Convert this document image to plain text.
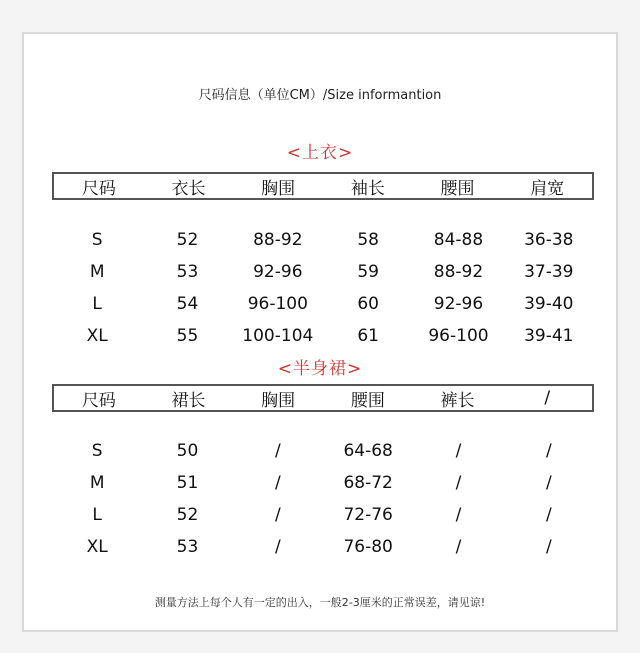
尺码信息（单位CM）/Size informantion
<上衣>
尺码	衣长	胸围	袖长	腰围	肩宽
S	52	88-92	58	84-88	36-38
M	53	92-96	59	88-92	37-39
L	54	96-100	60	92-96	39-40
XL	55	100-104	61	96-100	39-41
<半身裙>
尺码	裙长	胸围	腰围	裤长	/
S	50	/	64-68	/	/
M	51	/	68-72	/	/
L	52	/	72-76	/	/
XL	53	/	76-80	/	/
测量方法上每个人有一定的出入，一般2-3厘米的正常误差，请见谅!
